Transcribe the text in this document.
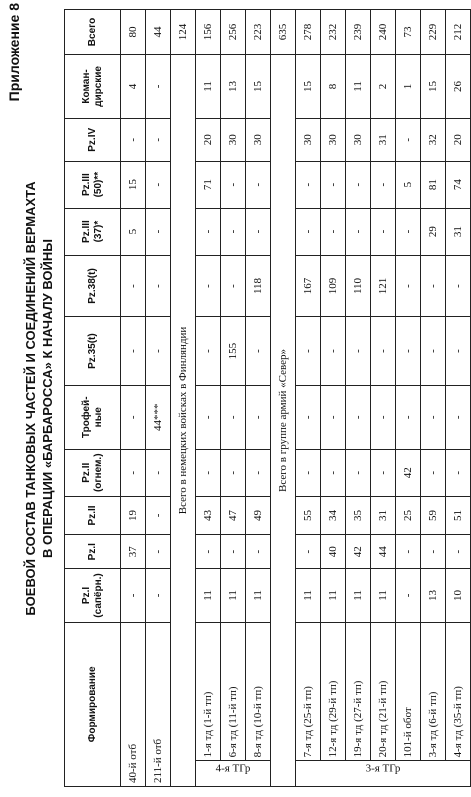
Приложение 8
БОЕВОЙ СОСТАВ ТАНКОВЫХ ЧАСТЕЙ И СОЕДИНЕНИЙ ВЕРМАХТА В ОПЕРАЦИИ «БАРБАРОССА» К НАЧАЛУ ВОЙНЫ
Формирование		Pz.I (сапёрн.)	Pz.I	Pz.II	Pz.II (огнем.)	Трофей-ные	Pz.35(t)	Pz.38(t)	Pz.III (37)*	Pz.III (50)**	Pz.IV	Коман-дирские	Всего
40-й отб		-	37	19	-	-	-	-	5	15	-	4	80
211-й отб		-	-	-	-	44***	-	-	-	-	-	-	44
Всего в немецких войсках в Финляндии													124
4-я ТГр	1-я тд (1-й тп)	11	-	43	-	-	-	-	-	71	20	11	156
	6-я тд (11-й тп)	11	-	47	-	-	155	-	-	-	30	13	256
	8-я тд (10-й тп)	11	-	49	-	-	-	118	-	-	30	15	223
Всего в группе армий «Север»													635
3-я ТГр	7-я тд (25-й тп)	11	-	55	-	-	-	167	-	-	30	15	278
	12-я тд (29-й тп)	11	40	34	-	-	-	109	-	-	30	8	232
	19-я тд (27-й тп)	11	42	35	-	-	-	110	-	-	30	11	239
	20-я тд (21-й тп)	11	44	31	-	-	-	121	-	-	31	2	240
	101-й обот	-	-	25	42	-	-	-	-	5	-	1	73
	3-я тд (6-й тп)	13	-	59	-	-	-	-	29	81	32	15	229
	4-я тд (35-й тп)	10	-	51	-	-	-	-	31	74	20	26	212
